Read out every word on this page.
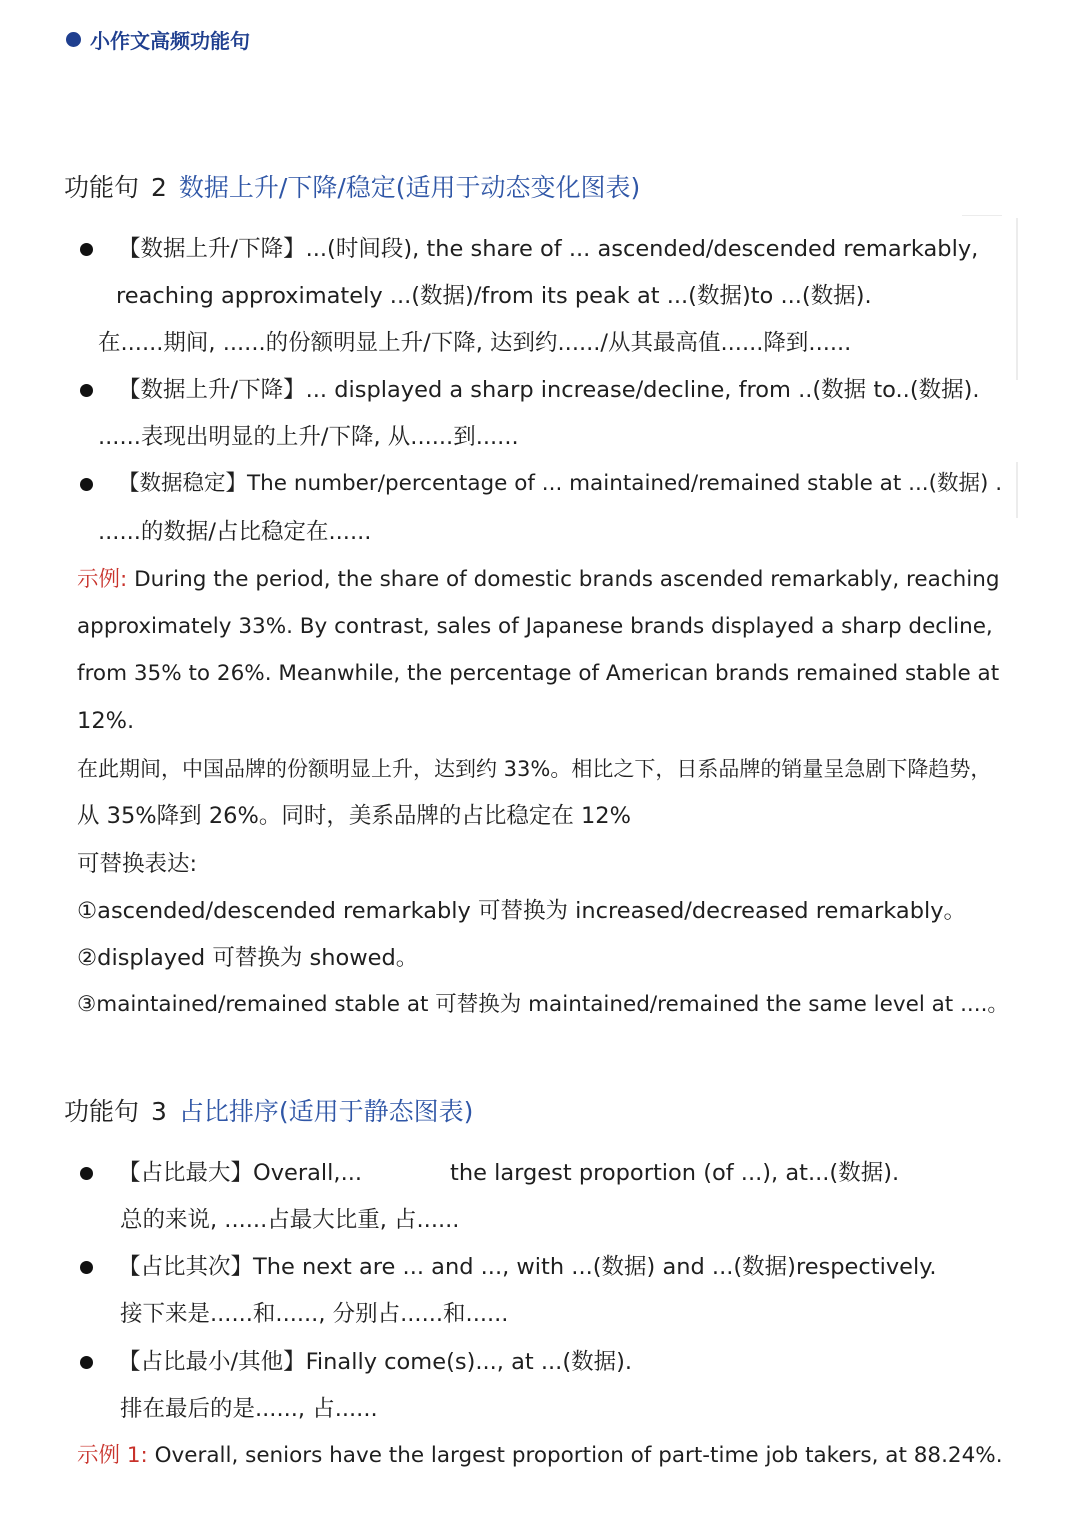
小作文高频功能句
功能句 2 数据上升/下降/稳定(适用于动态变化图表)
【数据上升/下降】...(时间段), the share of ... ascended/descended remarkably,
reaching approximately ...(数据)/from its peak at ...(数据)to ...(数据).
在......期间, ......的份额明显上升/下降, 达到约....../从其最高值......降到......
【数据上升/下降】... displayed a sharp increase/decline, from ..(数据 to..(数据).
......表现出明显的上升/下降, 从......到......
【数据稳定】The number/percentage of ... maintained/remained stable at ...(数据) .
......的数据/占比稳定在......
示例: During the period, the share of domestic brands ascended remarkably, reaching
approximately 33%. By contrast, sales of Japanese brands displayed a sharp decline,
from 35% to 26%. Meanwhile, the percentage of American brands remained stable at
12%.
在此期间，中国品牌的份额明显上升，达到约 33%。相比之下，日系品牌的销量呈急剧下降趋势，
从 35%降到 26%。同时，美系品牌的占比稳定在 12%
可替换表达:
①ascended/descended remarkably 可替换为 increased/decreased remarkably。
②displayed 可替换为 showed。
③maintained/remained stable at 可替换为 maintained/remained the same level at ....。
功能句 3 占比排序(适用于静态图表)
【占比最大】Overall,...	the largest proportion (of ...), at...(数据).
总的来说, ......占最大比重, 占......
【占比其次】The next are ... and ..., with ...(数据) and ...(数据)respectively.
接下来是......和......, 分别占......和......
【占比最小/其他】Finally come(s)..., at ...(数据).
排在最后的是......, 占......
示例 1: Overall, seniors have the largest proportion of part-time job takers, at 88.24%.
